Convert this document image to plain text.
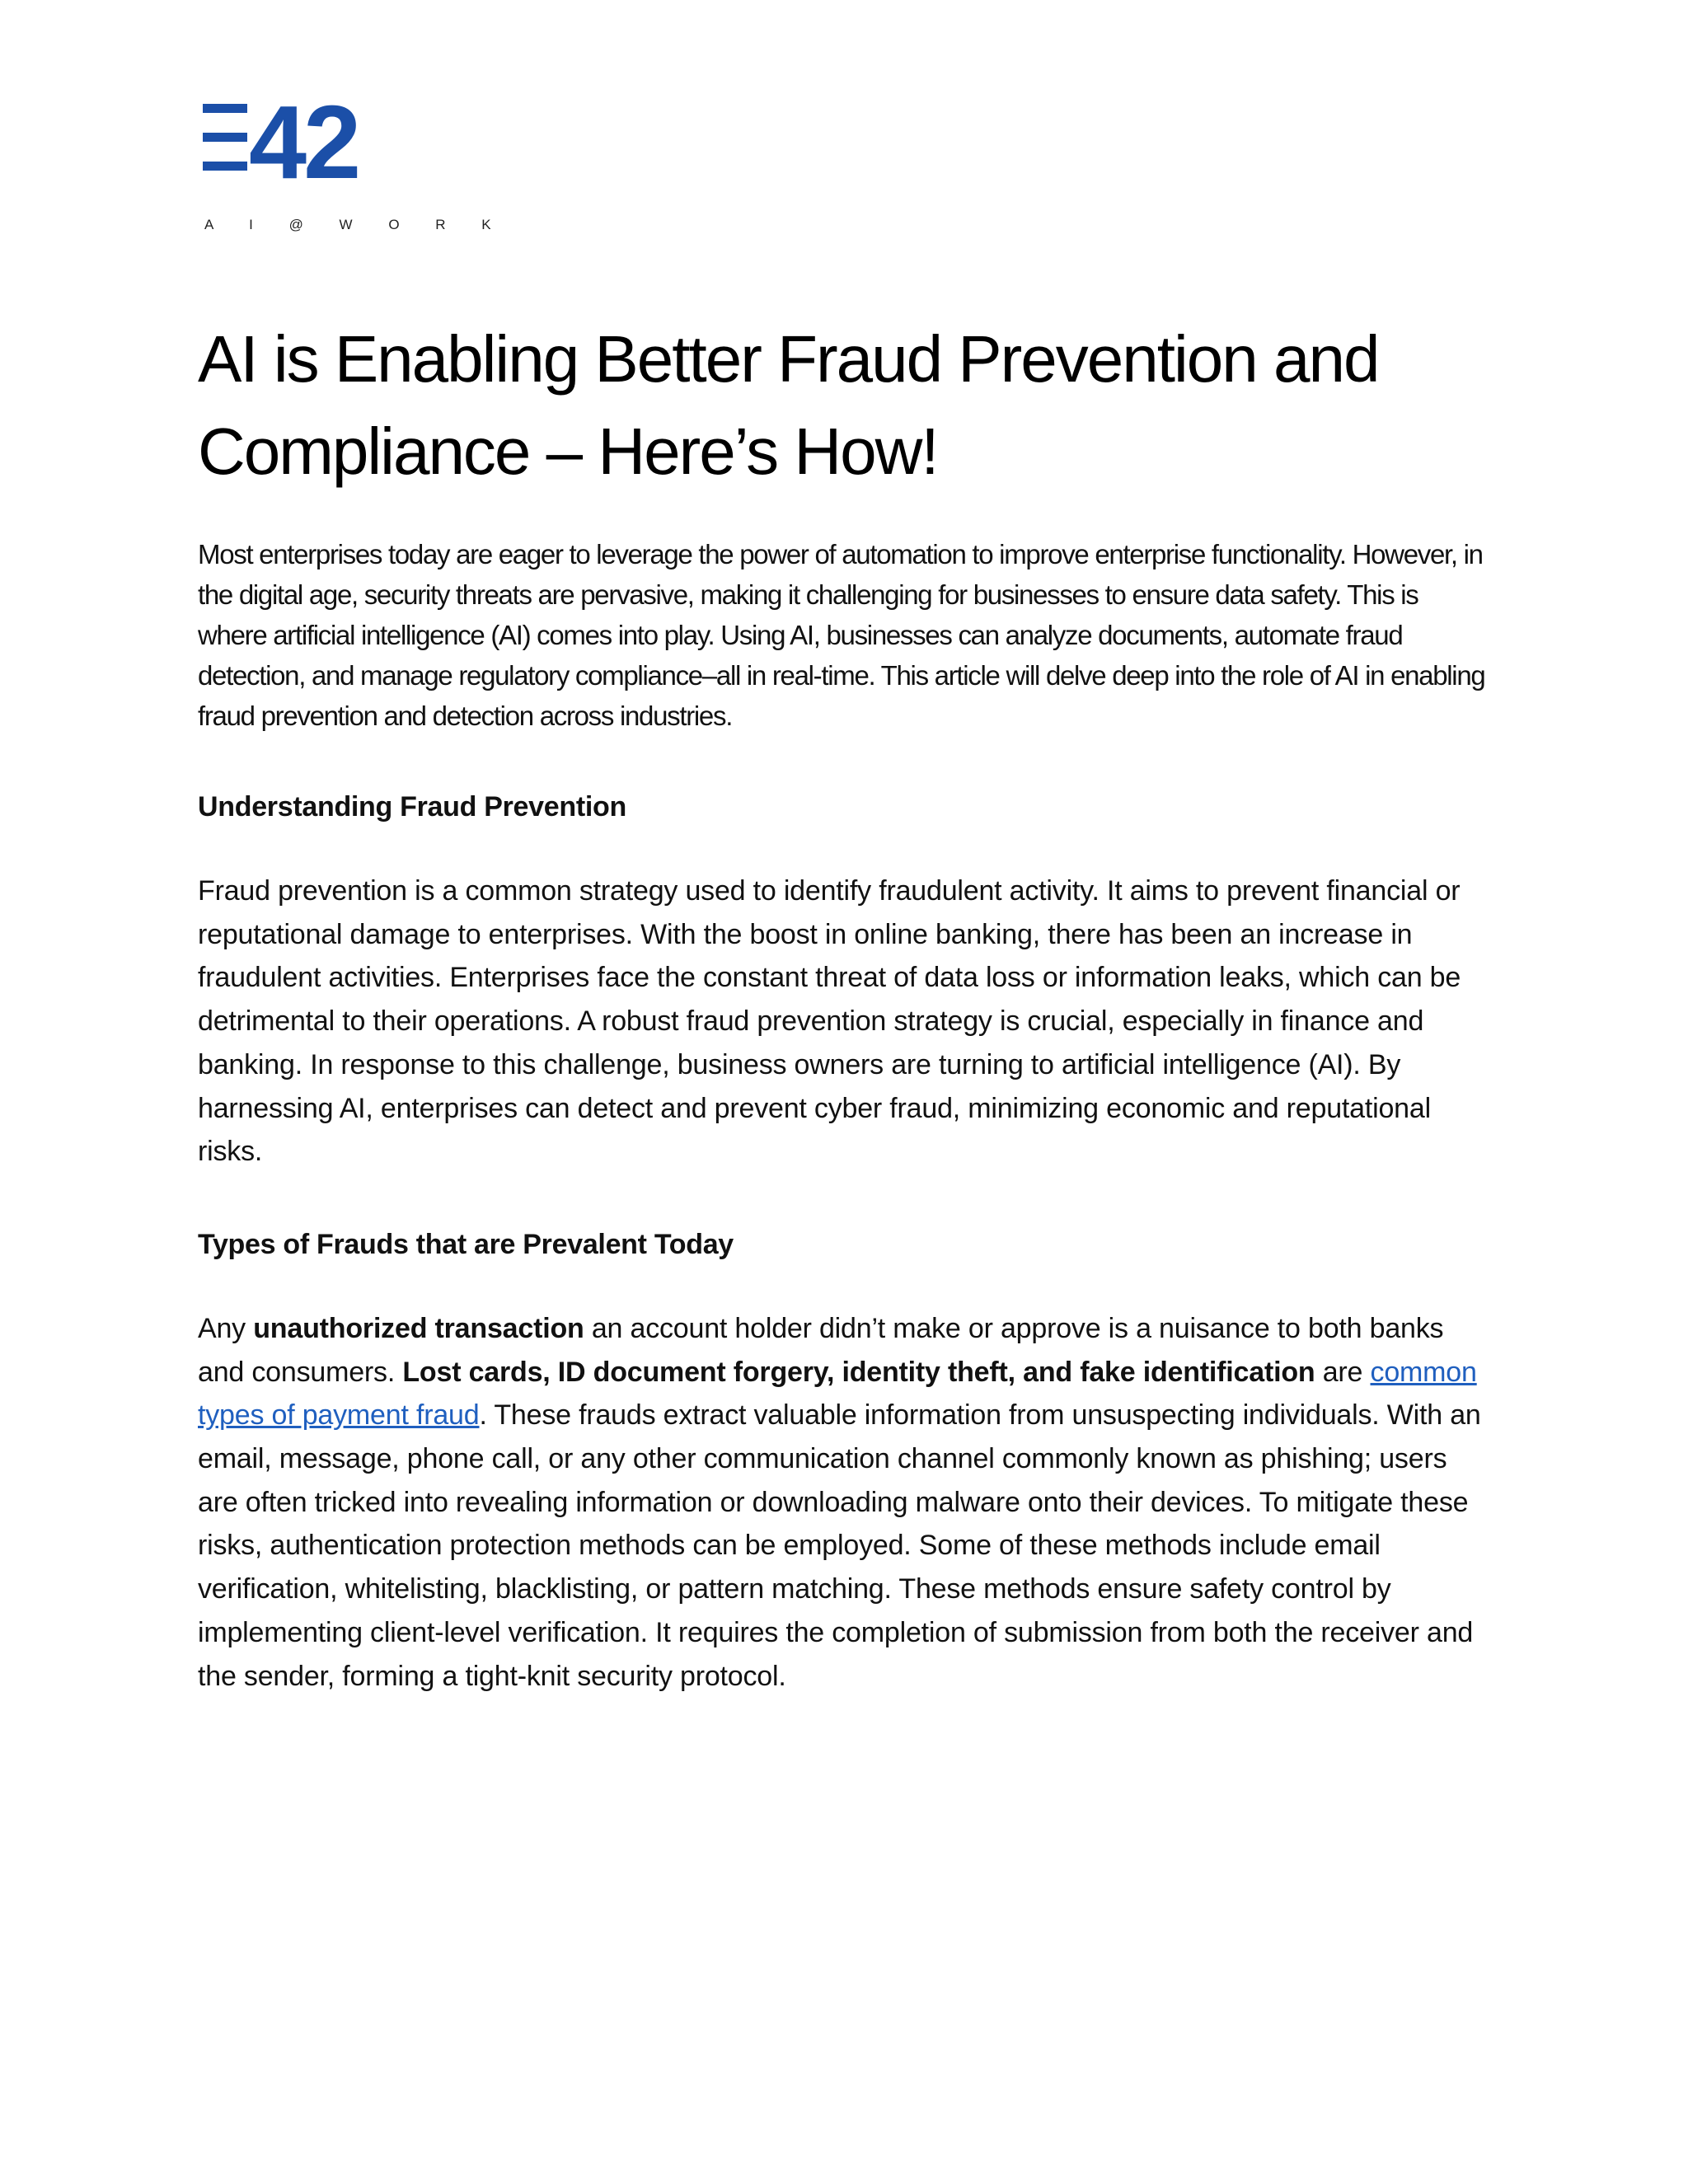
42
A I @ W O R K
AI is Enabling Better Fraud Prevention and Compliance – Here’s How!

Most enterprises today are eager to leverage the power of automation to improve enterprise functionality. However, in the digital age, security threats are pervasive, making it challenging for businesses to ensure data safety. This is where artificial intelligence (AI) comes into play. Using AI, businesses can analyze documents, automate fraud detection, and manage regulatory compliance–all in real-time. This article will delve deep into the role of AI in enabling fraud prevention and detection across industries.

Understanding Fraud Prevention

Fraud prevention is a common strategy used to identify fraudulent activity. It aims to prevent financial or reputational damage to enterprises. With the boost in online banking, there has been an increase in fraudulent activities. Enterprises face the constant threat of data loss or information leaks, which can be detrimental to their operations. A robust fraud prevention strategy is crucial, especially in finance and banking. In response to this challenge, business owners are turning to artificial intelligence (AI). By harnessing AI, enterprises can detect and prevent cyber fraud, minimizing economic and reputational risks.

Types of Frauds that are Prevalent Today

Any unauthorized transaction an account holder didn’t make or approve is a nuisance to both banks and consumers. Lost cards, ID document forgery, identity theft, and fake identification are common types of payment fraud. These frauds extract valuable information from unsuspecting individuals. With an email, message, phone call, or any other communication channel commonly known as phishing; users are often tricked into revealing information or downloading malware onto their devices. To mitigate these risks, authentication protection methods can be employed. Some of these methods include email verification, whitelisting, blacklisting, or pattern matching. These methods ensure safety control by implementing client-level verification. It requires the completion of submission from both the receiver and the sender, forming a tight-knit security protocol.
